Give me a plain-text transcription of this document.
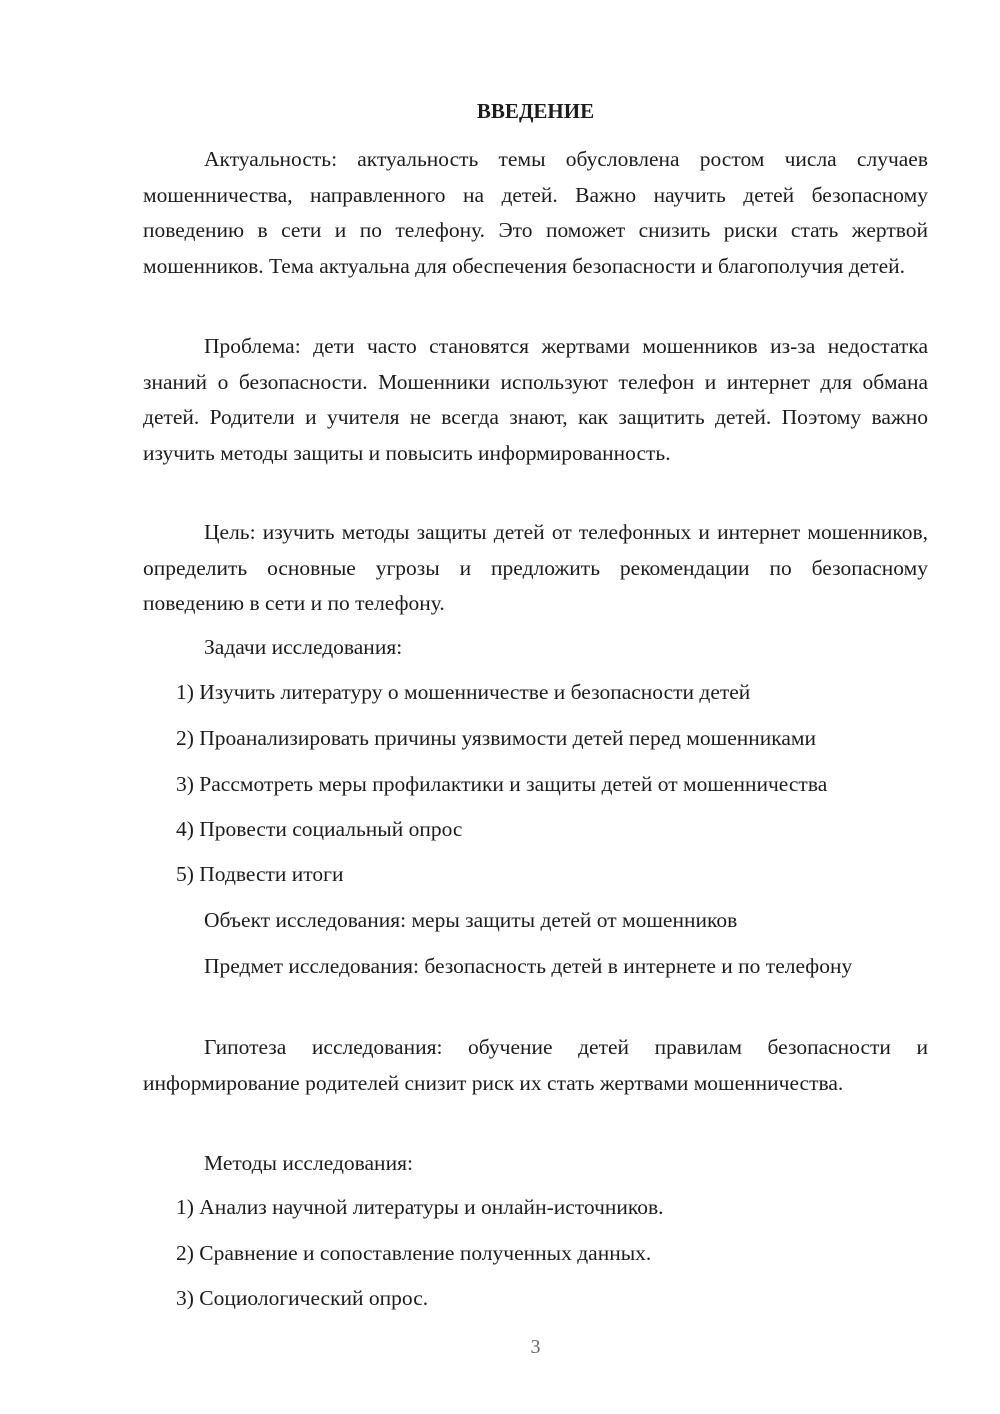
ВВЕДЕНИЕ

Актуальность: актуальность темы обусловлена ростом числа случаев мошенничества, направленного на детей. Важно научить детей безопасному поведению в сети и по телефону. Это поможет снизить риски стать жертвой мошенников. Тема актуальна для обеспечения безопасности и благополучия детей.

Проблема: дети часто становятся жертвами мошенников из-за недостатка знаний о безопасности. Мошенники используют телефон и интернет для обмана детей. Родители и учителя не всегда знают, как защитить детей. Поэтому важно изучить методы защиты и повысить информированность.

Цель: изучить методы защиты детей от телефонных и интернет мошенников, определить основные угрозы и предложить рекомендации по безопасному поведению в сети и по телефону.

Задачи исследования:

1) Изучить литературу о мошенничестве и безопасности детей

2) Проанализировать причины уязвимости детей перед мошенниками

3) Рассмотреть меры профилактики и защиты детей от мошенничества

4) Провести социальный опрос

5) Подвести итоги

Объект исследования: меры защиты детей от мошенников

Предмет исследования: безопасность детей в интернете и по телефону

Гипотеза исследования: обучение детей правилам безопасности и информирование родителей снизит риск их стать жертвами мошенничества.

Методы исследования:

1) Анализ научной литературы и онлайн-источников.

2) Сравнение и сопоставление полученных данных.

3) Социологический опрос.

3
